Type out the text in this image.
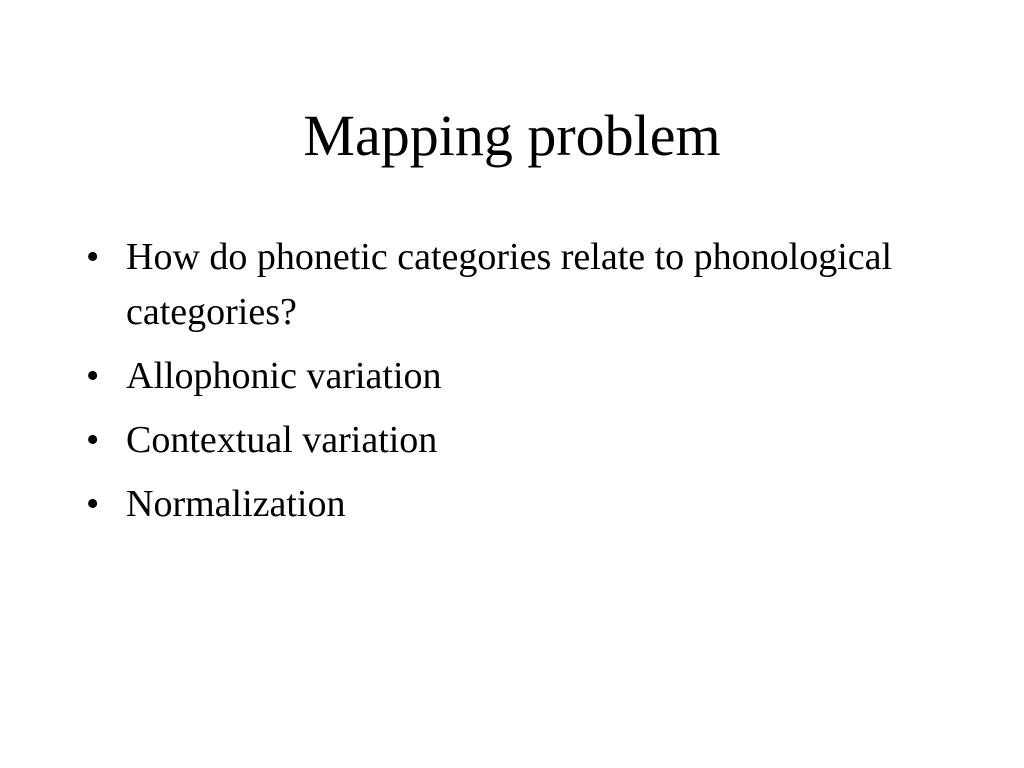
Mapping problem
• How do phonetic categories relate to phonological categories?
• Allophonic variation
• Contextual variation
• Normalization
